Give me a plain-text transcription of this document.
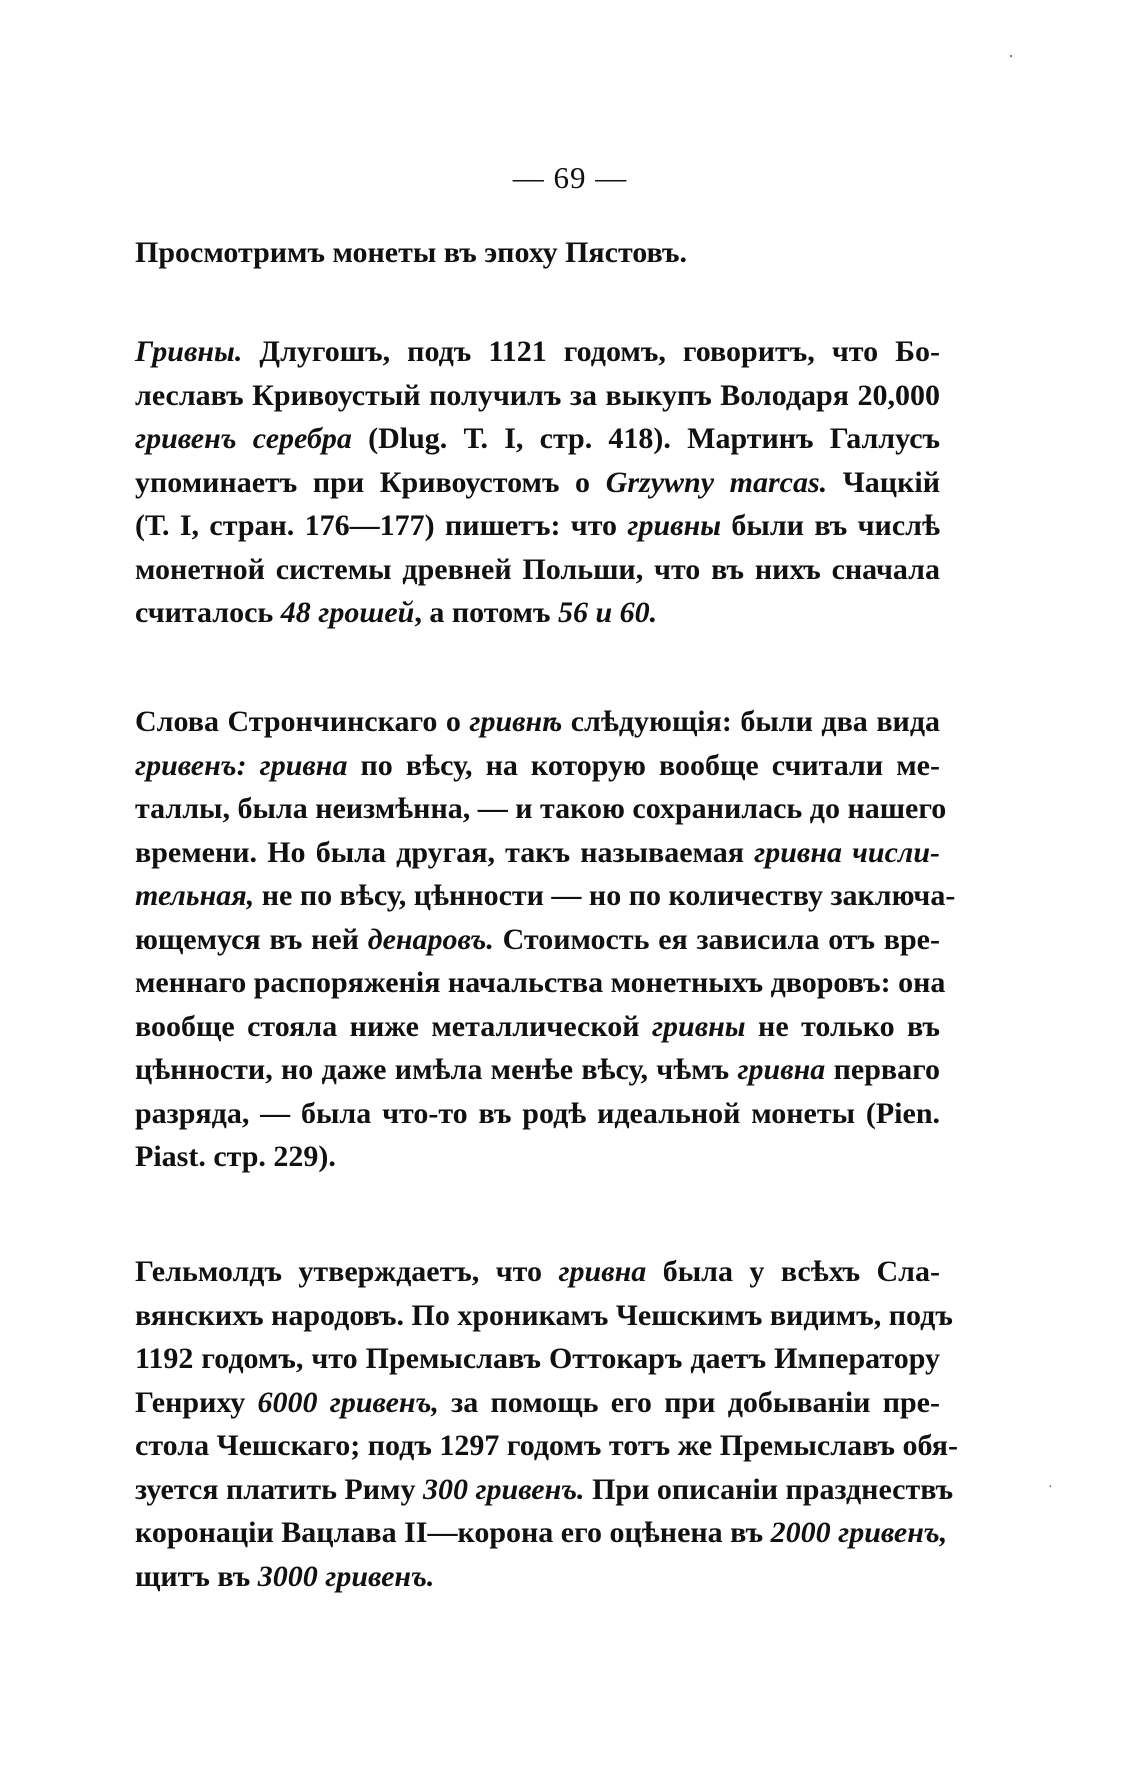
⸼
·
— 69 —
Просмотримъ монеты въ эпоху Пястовъ.
Гривны. Длугошъ, подъ 1121 годомъ, говоритъ, что Бо-
леславъ Кривоустый получилъ за выкупъ Володаря 20,000
гривенъ серебра (Dlug. Т. I, стр. 418). Мартинъ Галлусъ
упоминаетъ при Кривоустомъ о Grzywny marcas. Чацкій
(Т. I, стран. 176—177) пишетъ: что гривны были въ числѣ
монетной системы древней Польши, что въ нихъ сначала
считалось 48 грошей, а потомъ 56 и 60.
Слова Стрончинскаго о гривнѣ слѣдующія: были два вида
гривенъ: гривна по вѣсу, на которую вообще считали ме-
таллы, была неизмѣнна, — и такою сохранилась до нашего
времени. Но была другая, такъ называемая гривна числи-
тельная, не по вѣсу, цѣнности — но по количеству заключа-
ющемуся въ ней денаровъ. Стоимость ея зависила отъ вре-
меннаго распоряженія начальства монетныхъ дворовъ: она
вообще стояла ниже металлической гривны не только въ
цѣнности, но даже имѣла менѣе вѣсу, чѣмъ гривна перваго
разряда, — была что-то въ родѣ идеальной монеты (Pien.
Piast. стр. 229).
Гельмолдъ утверждаетъ, что гривна была у всѣхъ Сла-
вянскихъ народовъ. По хроникамъ Чешскимъ видимъ, подъ
1192 годомъ, что Премыславъ Оттокаръ даетъ Императору
Генриху 6000 гривенъ, за помощь его при добываніи пре-
стола Чешскаго; подъ 1297 годомъ тотъ же Премыславъ обя-
зуется платить Риму 300 гривенъ. При описаніи празднествъ
коронаціи Вацлава II—корона его оцѣнена въ 2000 гривенъ,
щитъ въ 3000 гривенъ.
